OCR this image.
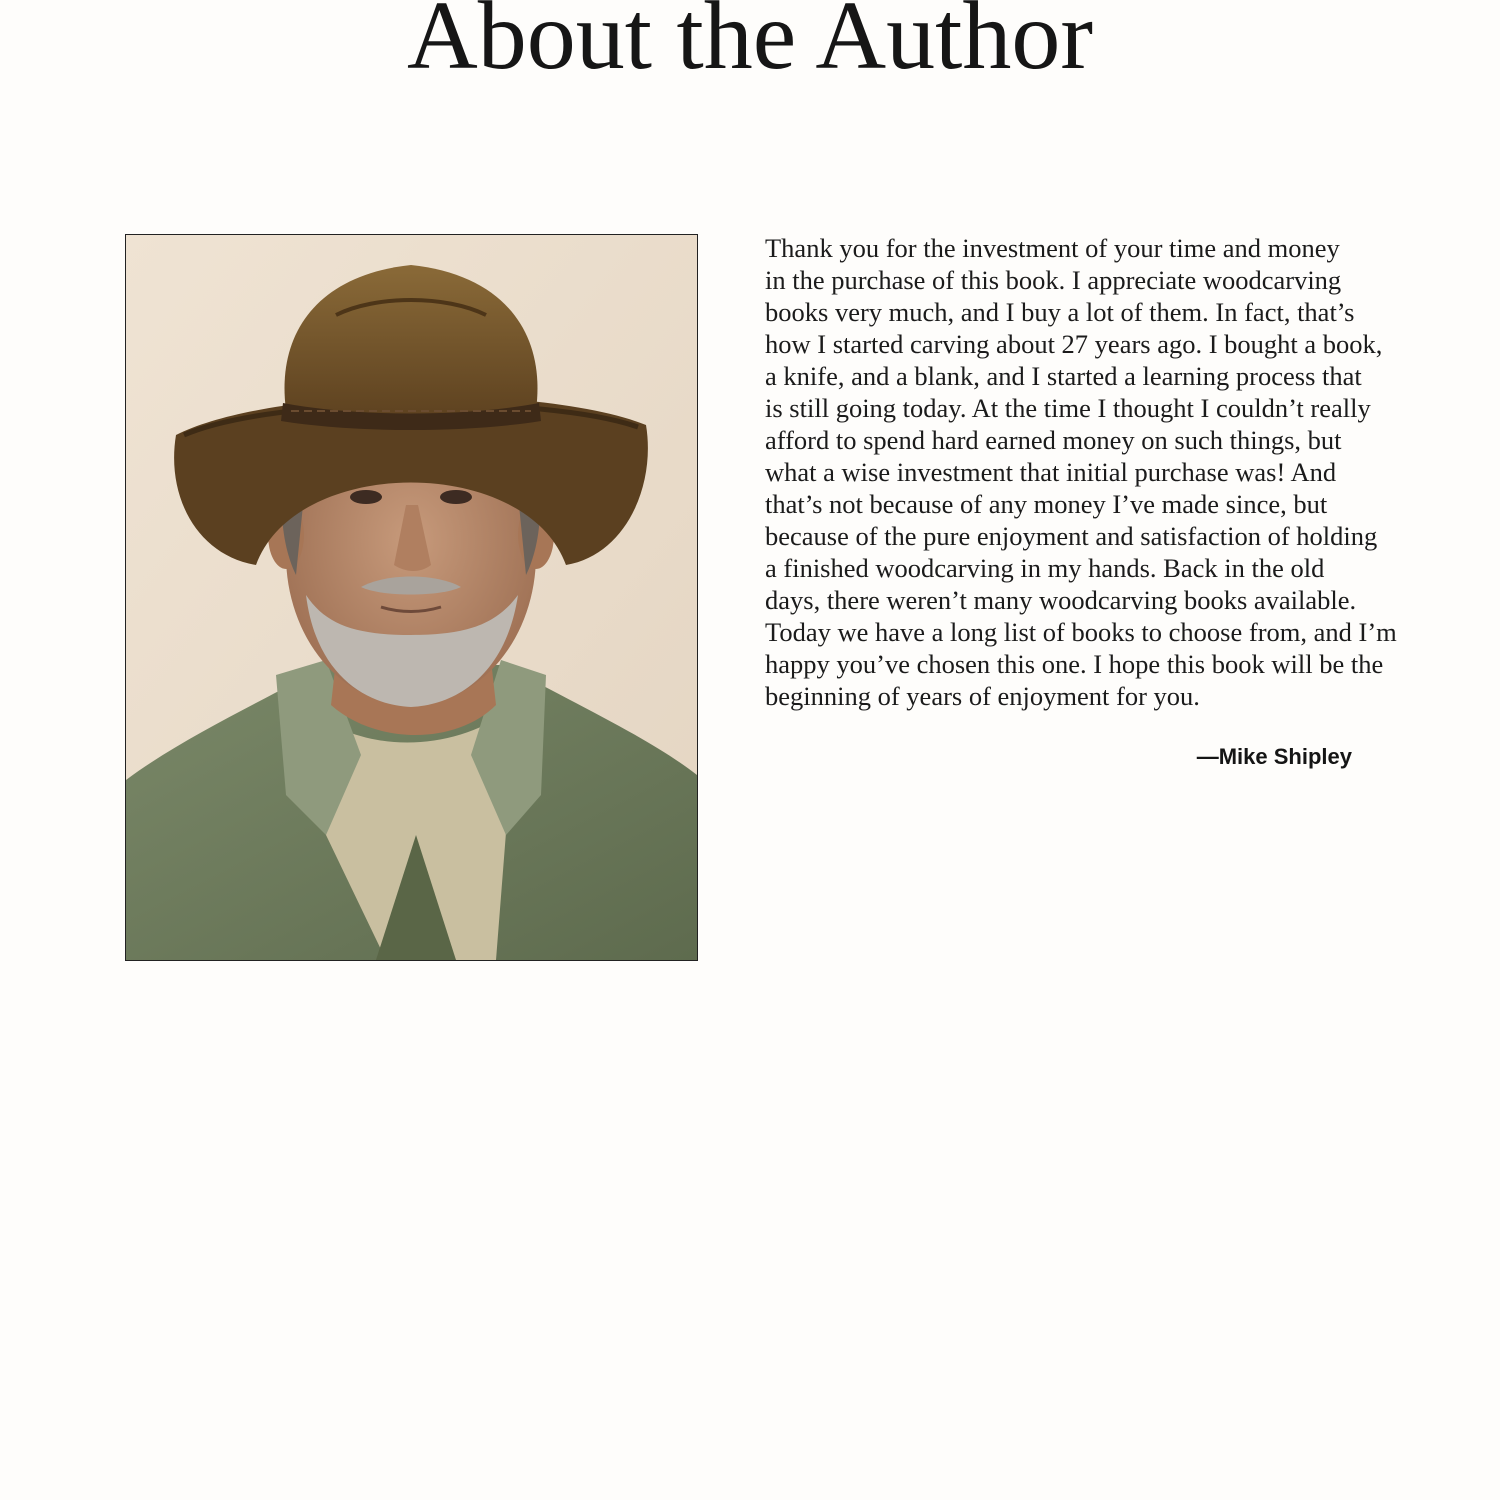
About the Author

Thank you for the investment of your time and money
in the purchase of this book. I appreciate woodcarving
books very much, and I buy a lot of them. In fact, that’s
how I started carving about 27 years ago. I bought a book,
a knife, and a blank, and I started a learning process that
is still going today. At the time I thought I couldn’t really
afford to spend hard earned money on such things, but
what a wise investment that initial purchase was! And
that’s not because of any money I’ve made since, but
because of the pure enjoyment and satisfaction of holding
a finished woodcarving in my hands. Back in the old
days, there weren’t many woodcarving books available.
Today we have a long list of books to choose from, and I’m
happy you’ve chosen this one. I hope this book will be the
beginning of years of enjoyment for you.

—Mike Shipley
